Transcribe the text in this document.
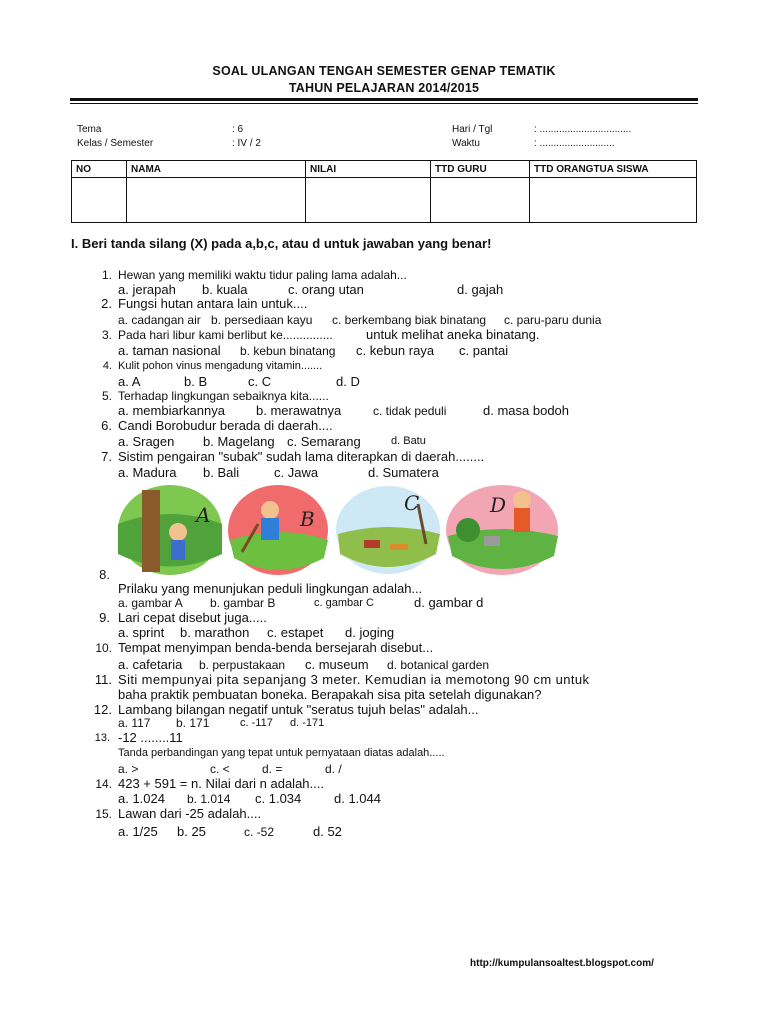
SOAL ULANGAN TENGAH SEMESTER GENAP TEMATIK
TAHUN PELAJARAN 2014/2015
Tema	: 6
Kelas / Semester	: IV / 2
Hari / Tgl	: .................................
Waktu	: ...........................
NO	NAMA	NILAI	TTD GURU	TTD ORANGTUA SISWA

I. Beri tanda silang (X) pada a,b,c, atau d untuk jawaban yang benar!
1. Hewan yang memiliki waktu tidur paling lama adalah...
a. jerapah b. kuala	c. orang utan	d. gajah
2. Fungsi hutan antara lain untuk....
a. cadangan air b. persediaan kayu c. berkembang biak binatang c. paru-paru dunia
3. Pada hari libur kami berlibut ke...............	untuk melihat aneka binatang.
a. taman nasional b. kebun binatang c. kebun raya c. pantai
4. Kulit pohon vinus mengadung vitamin.......
a. A	b. B	c. C	d. D
5. Terhadap lingkungan sebaiknya kita......
a. membiarkannya b. merawatnya	c. tidak peduli	d. masa bodoh
6. Candi Borobudur berada di daerah....
a. Sragen b. Magelang c. Semarang	d. Batu
7. Sistim pengairan "subak" sudah lama diterapkan di daerah........
a. Madura b. Bali	c. Jawa	d. Sumatera
A	B
C	D
8.
Prilaku yang menunjukan peduli lingkungan adalah...
a. gambar A b. gambar B	c. gambar C	d. gambar d
9. Lari cepat disebut juga.....
a. sprint b. marathon c. estapet d. joging
10. Tempat menyimpan benda-benda bersejarah disebut...
a. cafetaria b. perpustakaan c. museum d. botanical garden
11. Siti mempunyai pita sepanjang 3 meter. Kemudian ia memotong 90 cm untuk
baha praktik pembuatan boneka. Berapakah sisa pita setelah digunakan?
12. Lambang bilangan negatif untuk "seratus tujuh belas" adalah...
a. 117 b. 171	c. -117 d. -171
13. -12 ........11
Tanda perbandingan yang tepat untuk pernyataan diatas adalah.....
a. >	c. <	d. =	d. /
14. 423 + 591 = n. Nilai dari n adalah....
a. 1.024 b. 1.014 c. 1.034	d. 1.044
15. Lawan dari -25 adalah....
a. 1/25 b. 25	c. -52	d. 52
http://kumpulansoaltest.blogspot.com/
